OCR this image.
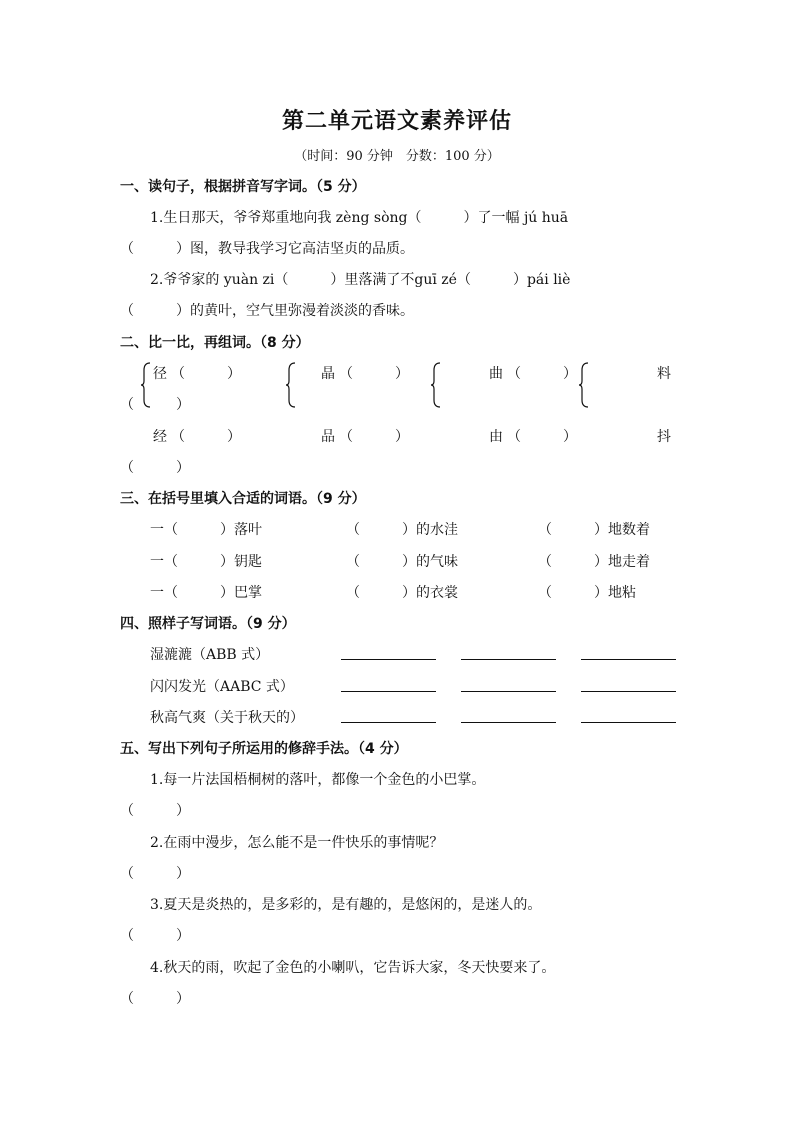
第二单元语文素养评估
（时间：90 分钟　分数：100 分）
一、读句子，根据拼音写字词。（5 分）
1.生日那天，爷爷郑重地向我 zèng sòng（　　　）了一幅 jú huā
（　　　）图，教导我学习它高洁坚贞的品质。
2.爷爷家的 yuàn zi（　　　）里落满了不guī zé（　　　）pái liè
（　　　）的黄叶，空气里弥漫着淡淡的香味。
二、比一比，再组词。（8 分）
径 （　　　）	晶 （　　　）	曲 （　　　）	料
（　　　）
经 （　　　）	品 （　　　）	由 （　　　）	抖
（　　　）
三、在括号里填入合适的词语。（9 分）
一（　　　）落叶	（　　　）的水洼	（　　　）地数着
一（　　　）钥匙	（　　　）的气味	（　　　）地走着
一（　　　）巴掌	（　　　）的衣裳	（　　　）地粘
四、照样子写词语。（9 分）
湿漉漉（ABB 式）
闪闪发光（AABC 式）
秋高气爽（关于秋天的）
五、写出下列句子所运用的修辞手法。（4 分）
1.每一片法国梧桐树的落叶，都像一个金色的小巴掌。
（　　　）
2.在雨中漫步，怎么能不是一件快乐的事情呢？
（　　　）
3.夏天是炎热的，是多彩的，是有趣的，是悠闲的，是迷人的。
（　　　）
4.秋天的雨，吹起了金色的小喇叭，它告诉大家，冬天快要来了。
（　　　）
